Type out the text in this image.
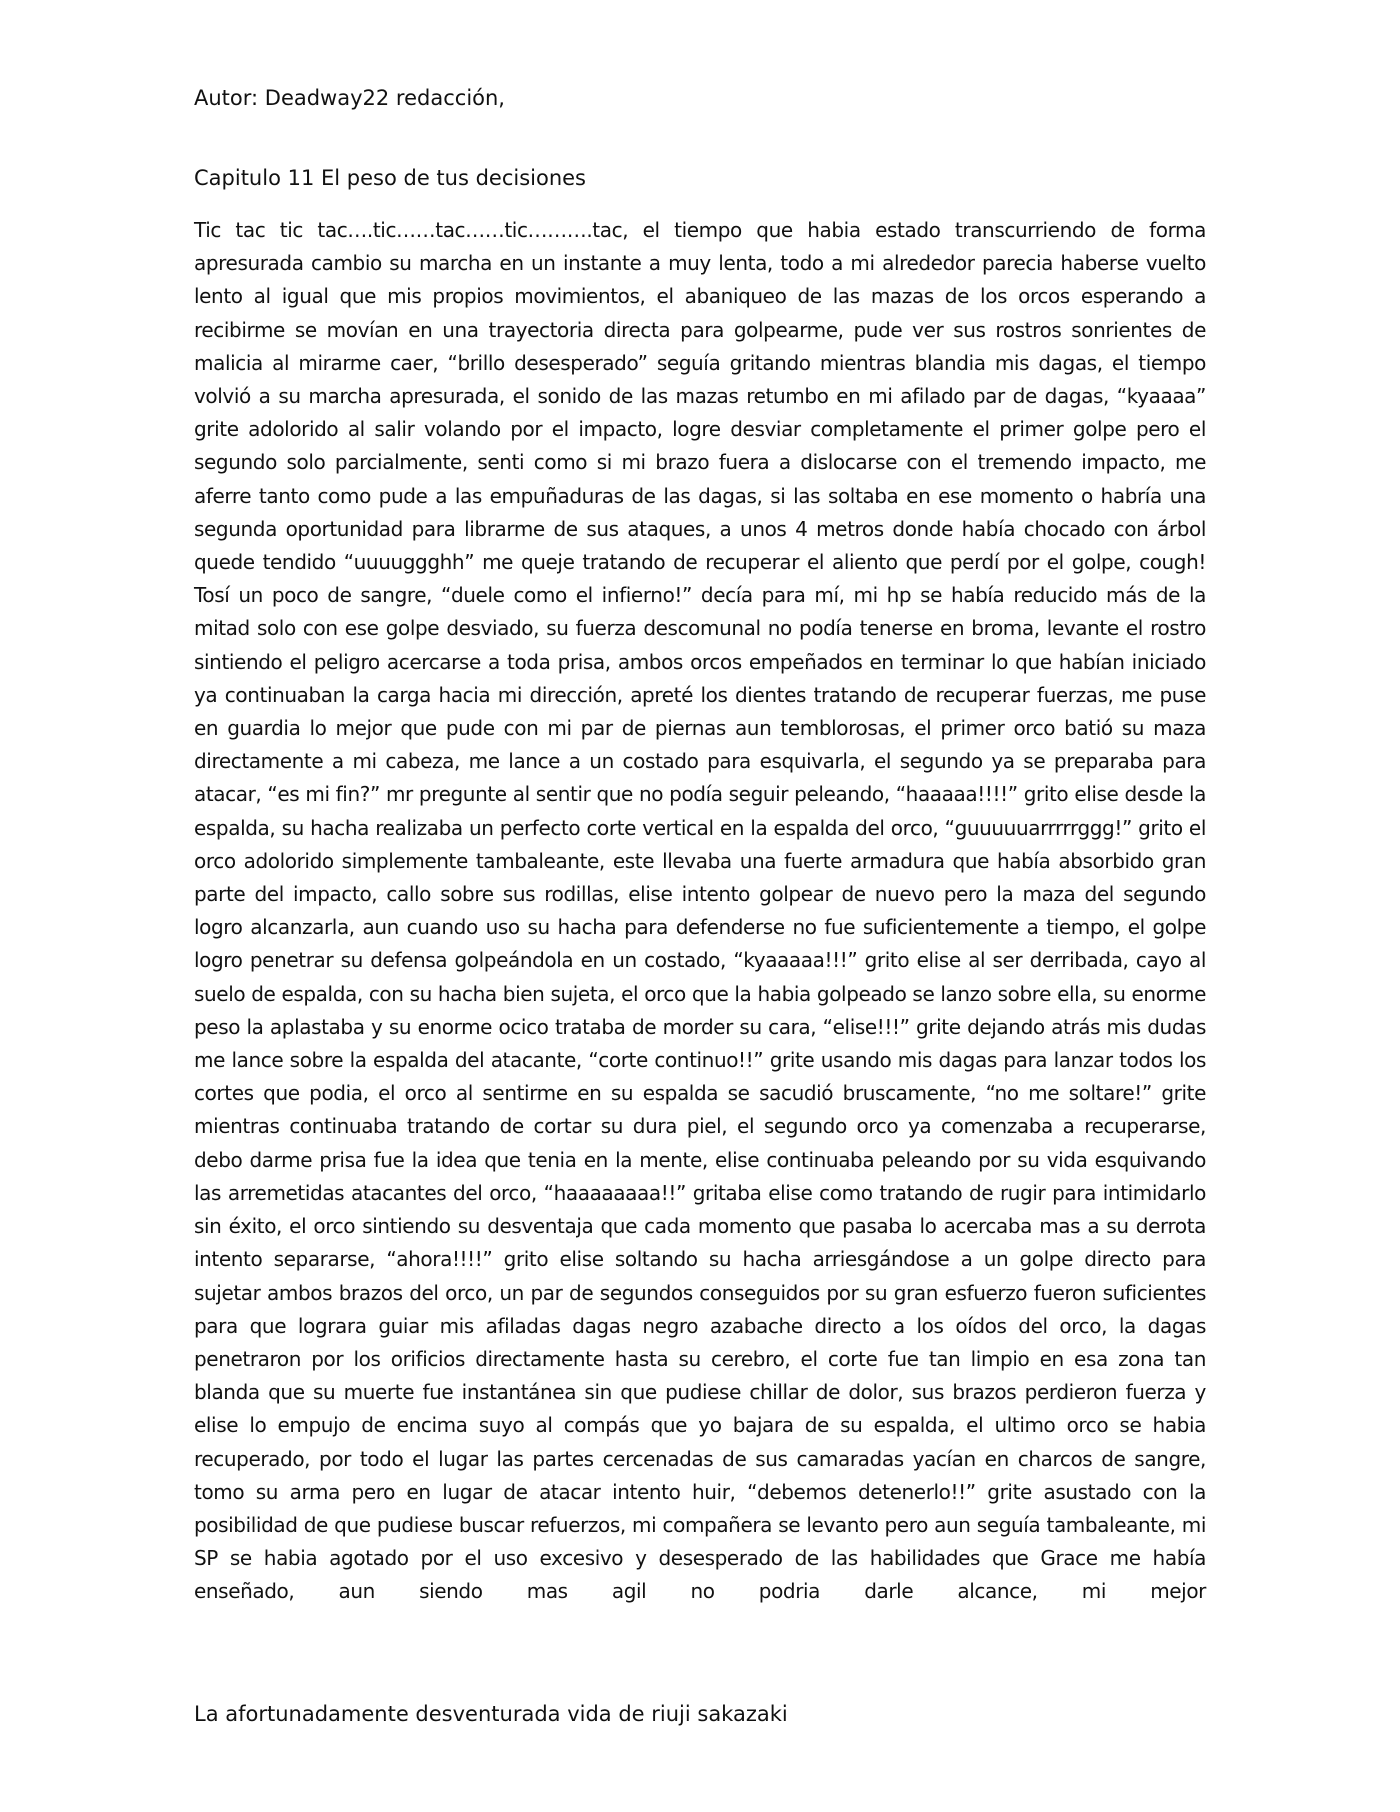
Autor: Deadway22 redacción,
Capitulo 11 El peso de tus decisiones

Tic tac tic tac….tic……tac……tic……….tac, el tiempo que habia estado transcurriendo de forma apresurada cambio su marcha en un instante a muy lenta, todo a mi alrededor parecia haberse vuelto lento al igual que mis propios movimientos, el abaniqueo de las mazas de los orcos esperando a recibirme se movían en una trayectoria directa para golpearme, pude ver sus rostros sonrientes de malicia al mirarme caer, “brillo desesperado” seguía gritando mientras blandia mis dagas, el tiempo volvió a su marcha apresurada, el sonido de las mazas retumbo en mi afilado par de dagas, “kyaaaa” grite adolorido al salir volando por el impacto, logre desviar completamente el primer golpe pero el segundo solo parcialmente, senti como si mi brazo fuera a dislocarse con el tremendo impacto, me aferre tanto como pude a las empuñaduras de las dagas, si las soltaba en ese momento o habría una segunda oportunidad para librarme de sus ataques, a unos 4 metros donde había chocado con árbol quede tendido “uuuuggghh” me queje tratando de recuperar el aliento que perdí por el golpe, cough! Tosí un poco de sangre, “duele como el infierno!” decía para mí, mi hp se había reducido más de la mitad solo con ese golpe desviado, su fuerza descomunal no podía tenerse en broma, levante el rostro sintiendo el peligro acercarse a toda prisa, ambos orcos empeñados en terminar lo que habían iniciado ya continuaban la carga hacia mi dirección, apreté los dientes tratando de recuperar fuerzas, me puse en guardia lo mejor que pude con mi par de piernas aun temblorosas, el primer orco batió su maza directamente a mi cabeza, me lance a un costado para esquivarla, el segundo ya se preparaba para atacar, “es mi fin?” mr pregunte al sentir que no podía seguir peleando, “haaaaa!!!!” grito elise desde la espalda, su hacha realizaba un perfecto corte vertical en la espalda del orco, “guuuuuarrrrrggg!” grito el orco adolorido simplemente tambaleante, este llevaba una fuerte armadura que había absorbido gran parte del impacto, callo sobre sus rodillas, elise intento golpear de nuevo pero la maza del segundo logro alcanzarla, aun cuando uso su hacha para defenderse no fue suficientemente a tiempo, el golpe logro penetrar su defensa golpeándola en un costado, “kyaaaaa!!!” grito elise al ser derribada, cayo al suelo de espalda, con su hacha bien sujeta, el orco que la habia golpeado se lanzo sobre ella, su enorme peso la aplastaba y su enorme ocico trataba de morder su cara, “elise!!!” grite dejando atrás mis dudas me lance sobre la espalda del atacante, “corte continuo!!” grite usando mis dagas para lanzar todos los cortes que podia, el orco al sentirme en su espalda se sacudió bruscamente, “no me soltare!” grite mientras continuaba tratando de cortar su dura piel, el segundo orco ya comenzaba a recuperarse, debo darme prisa fue la idea que tenia en la mente, elise continuaba peleando por su vida esquivando las arremetidas atacantes del orco, “haaaaaaaa!!” gritaba elise como tratando de rugir para intimidarlo sin éxito, el orco sintiendo su desventaja que cada momento que pasaba lo acercaba mas a su derrota intento separarse, “ahora!!!!” grito elise soltando su hacha arriesgándose a un golpe directo para sujetar ambos brazos del orco, un par de segundos conseguidos por su gran esfuerzo fueron suficientes para que lograra guiar mis afiladas dagas negro azabache directo a los oídos del orco, la dagas penetraron por los orificios directamente hasta su cerebro, el corte fue tan limpio en esa zona tan blanda que su muerte fue instantánea sin que pudiese chillar de dolor, sus brazos perdieron fuerza y elise lo empujo de encima suyo al compás que yo bajara de su espalda, el ultimo orco se habia recuperado, por todo el lugar las partes cercenadas de sus camaradas yacían en charcos de sangre, tomo su arma pero en lugar de atacar intento huir, “debemos detenerlo!!” grite asustado con la posibilidad de que pudiese buscar refuerzos, mi compañera se levanto pero aun seguía tambaleante, mi SP se habia agotado por el uso excesivo y desesperado de las habilidades que Grace me había enseñado, aun siendo mas agil no podria darle alcance, mi mejor

La afortunadamente desventurada vida de riuji sakazaki
